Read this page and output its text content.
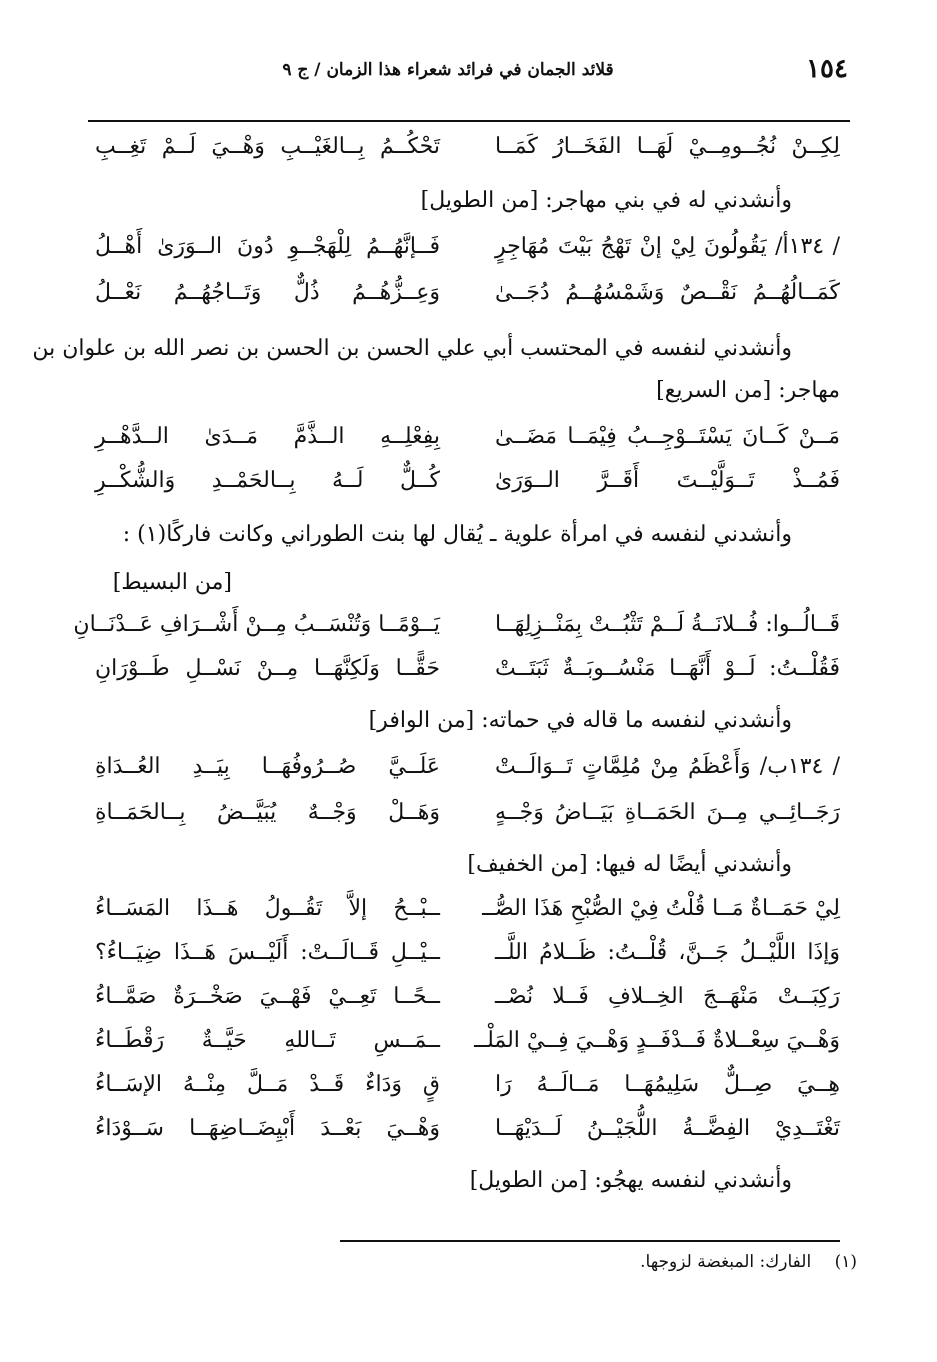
١٥٤
قلائد الجمان في فرائد شعراء هذا الزمان / ج ٩
لِكِــنْ نُجُــومِــيْ لَهَــا الفَخَــارُ كَمَــا
تَحْكُــمُ بِــالغَيْــبِ وَهْــيَ لَــمْ تَغِــبِ
وأنشدني له في بني مهاجر: [من الطويل]
/ ١٣٤أ/ يَقُولُونَ لِيْ إنْ تَهْجُ بَيْتَ مُهَاجِرٍ
فَــإنَّهُــمُ لِلْهَجْــوِ دُونَ الــوَرَىٰ أَهْــلُ
كَمَــالُهُــمُ نَقْــصٌ وَشَمْسُهُــمُ دُجَــىٰ
وَعِــزُّهُــمُ ذُلٌّ وَتَــاجُهُــمُ نَعْــلُ
وأنشدني لنفسه في المحتسب أبي علي الحسن بن الحسن بن نصر الله بن علوان بن
مهاجر: [من السريع]
مَــنْ كَــانَ يَسْتَــوْجِــبُ فِيْمَــا مَضَــىٰ
بِفِعْلِــهِ الــذَّمَّ مَــدَىٰ الــدَّهْــرِ
فَمُــذْ تَــوَلَّيْــتَ أَقَــرَّ الــوَرَىٰ
كُــلٌّ لَــهُ بِــالحَمْــدِ وَالشُّكْــرِ
وأنشدني لنفسه في امرأة علوية ـ يُقال لها بنت الطوراني وكانت فاركًا(١) :
[من البسيط]
قَــالُــوا: فُــلانَــةُ لَــمْ تَثْبُــتْ بِمَنْــزِلِهَــا
يَــوْمًــا وَتُنْسَــبُ مِــنْ أَشْــرَافِ عَــدْنَــانِ
فَقُلْــتُ: لَــوْ أَنَّهَــا مَنْسُــوبَــةٌ ثَبَتَــتْ
حَقًّــا وَلَكِنَّهَــا مِــنْ نَسْــلِ طَــوْرَانِ
وأنشدني لنفسه ما قاله في حماته: [من الوافر]
/ ١٣٤ب/ وَأَعْظَمُ مِنْ مُلِمَّاتٍ تَــوَالَــتْ
عَلَــيَّ صُــرُوفُهَــا بِيَــدِ العُــدَاةِ
رَجَــائِــي مِــنَ الحَمَــاةِ بَيَــاضُ وَجْــهٍ
وَهَــلْ وَجْــهٌ يُبَيَّــضُ بِــالحَمَــاةِ
وأنشدني أيضًا له فيها: [من الخفيف]
لِيْ حَمَــاةٌ مَــا قُلْتُ فِيْ الصُّبْحِ هَذَا الصُّــ
ــبْــحُ إلاَّ تَقُــولُ هَــذَا المَسَــاءُ
وَإذَا اللَّيْــلُ جَــنَّ، قُلْــتُ: ظَــلامُ اللَّــ
ــيْــلِ قَــالَــتْ: أَلَيْــسَ هَــذَا ضِيَــاءُ؟
رَكِبَــتْ مَنْهَــجَ الخِــلافِ فَــلا نُصْــ
ــحًــا تَعِــيْ فَهْــيَ صَخْــرَةٌ صَمَّــاءُ
وَهْــيَ سِعْــلاةٌ فَــدْفَــدٍ وَهْــيَ فِــيْ المَلْــ
ــمَــسِ تَــاللهِ حَيَّــةٌ رَقْطَــاءُ
هِــيَ صِــلٌّ سَلِيمُهَــا مَــالَــهُ رَا
قٍ وَدَاءٌ قَــدْ مَــلَّ مِنْــهُ الإسَــاءُ
تَغْتَــدِيْ الفِضَّــةُ اللُّجَيْــنُ لَــدَيْهَــا
وَهْــيَ بَعْــدَ أَبْيِضَــاضِهَــا سَــوْدَاءُ
وأنشدني لنفسه يهجُو: [من الطويل]
(١) الفارك: المبغضة لزوجها.
